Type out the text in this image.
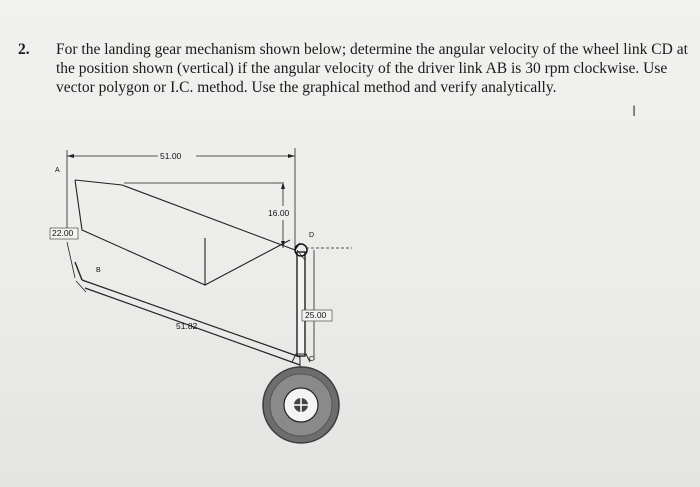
2. For the landing gear mechanism shown below; determine the angular velocity of the wheel link CD at the position shown (vertical) if the angular velocity of the driver link AB is 30 rpm clockwise. Use vector polygon or I.C. method. Use the graphical method and verify analytically.
I
51.00
A
22.00
16.00
D
B
51.82
25.00
C
